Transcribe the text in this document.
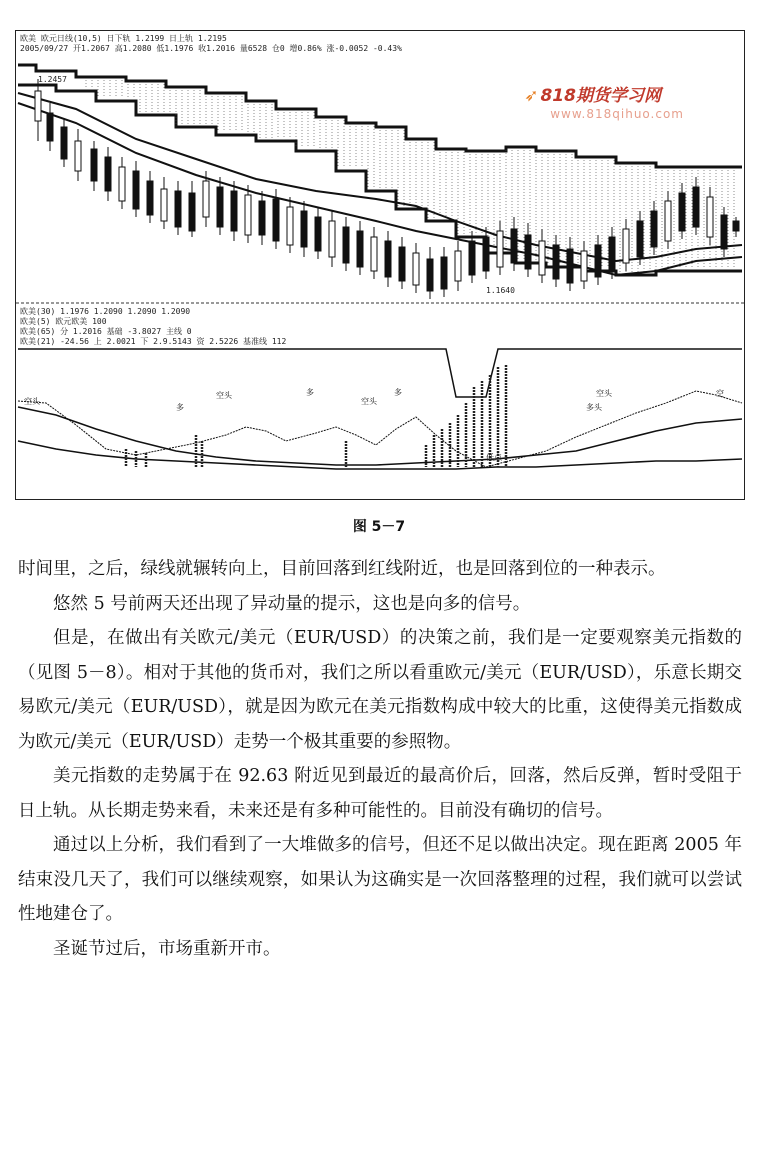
欧美 欧元日线(10,5) 日下轨 1.2199 日上轨 1.2195
2005/09/27 开1.2067 高1.2080 低1.1976 收1.2016 量6528 仓0 增0.86% 涨-0.0052 -0.43%
1.2457
1.1640
欧美(30) 1.1976 1.2090 1.2090 1.2090
欧美(5) 欧元欧美 100
欧美(65) 分 1.2016 基础 -3.8027 主线 0
欧美(21) -24.56 上 2.0021 下 2.9.5143 资 2.5226 基准线 112
空头
多
空头	多
空头
多
多头
空头	空
低点
➶ 818期货学习网
www.818qihuo.com
图 5－7

时间里，之后，绿线就辗转向上，目前回落到红线附近，也是回落到位的一种表示。

悠然 5 号前两天还出现了异动量的提示，这也是向多的信号。

但是，在做出有关欧元/美元（EUR/USD）的决策之前，我们是一定要观察美元指数的（见图 5－8）。相对于其他的货币对，我们之所以看重欧元/美元（EUR/USD），乐意长期交易欧元/美元（EUR/USD），就是因为欧元在美元指数构成中较大的比重，这使得美元指数成为欧元/美元（EUR/USD）走势一个极其重要的参照物。

美元指数的走势属于在 92.63 附近见到最近的最高价后，回落，然后反弹，暂时受阻于日上轨。从长期走势来看，未来还是有多种可能性的。目前没有确切的信号。

通过以上分析，我们看到了一大堆做多的信号，但还不足以做出决定。现在距离 2005 年结束没几天了，我们可以继续观察，如果认为这确实是一次回落整理的过程，我们就可以尝试性地建仓了。

圣诞节过后，市场重新开市。
